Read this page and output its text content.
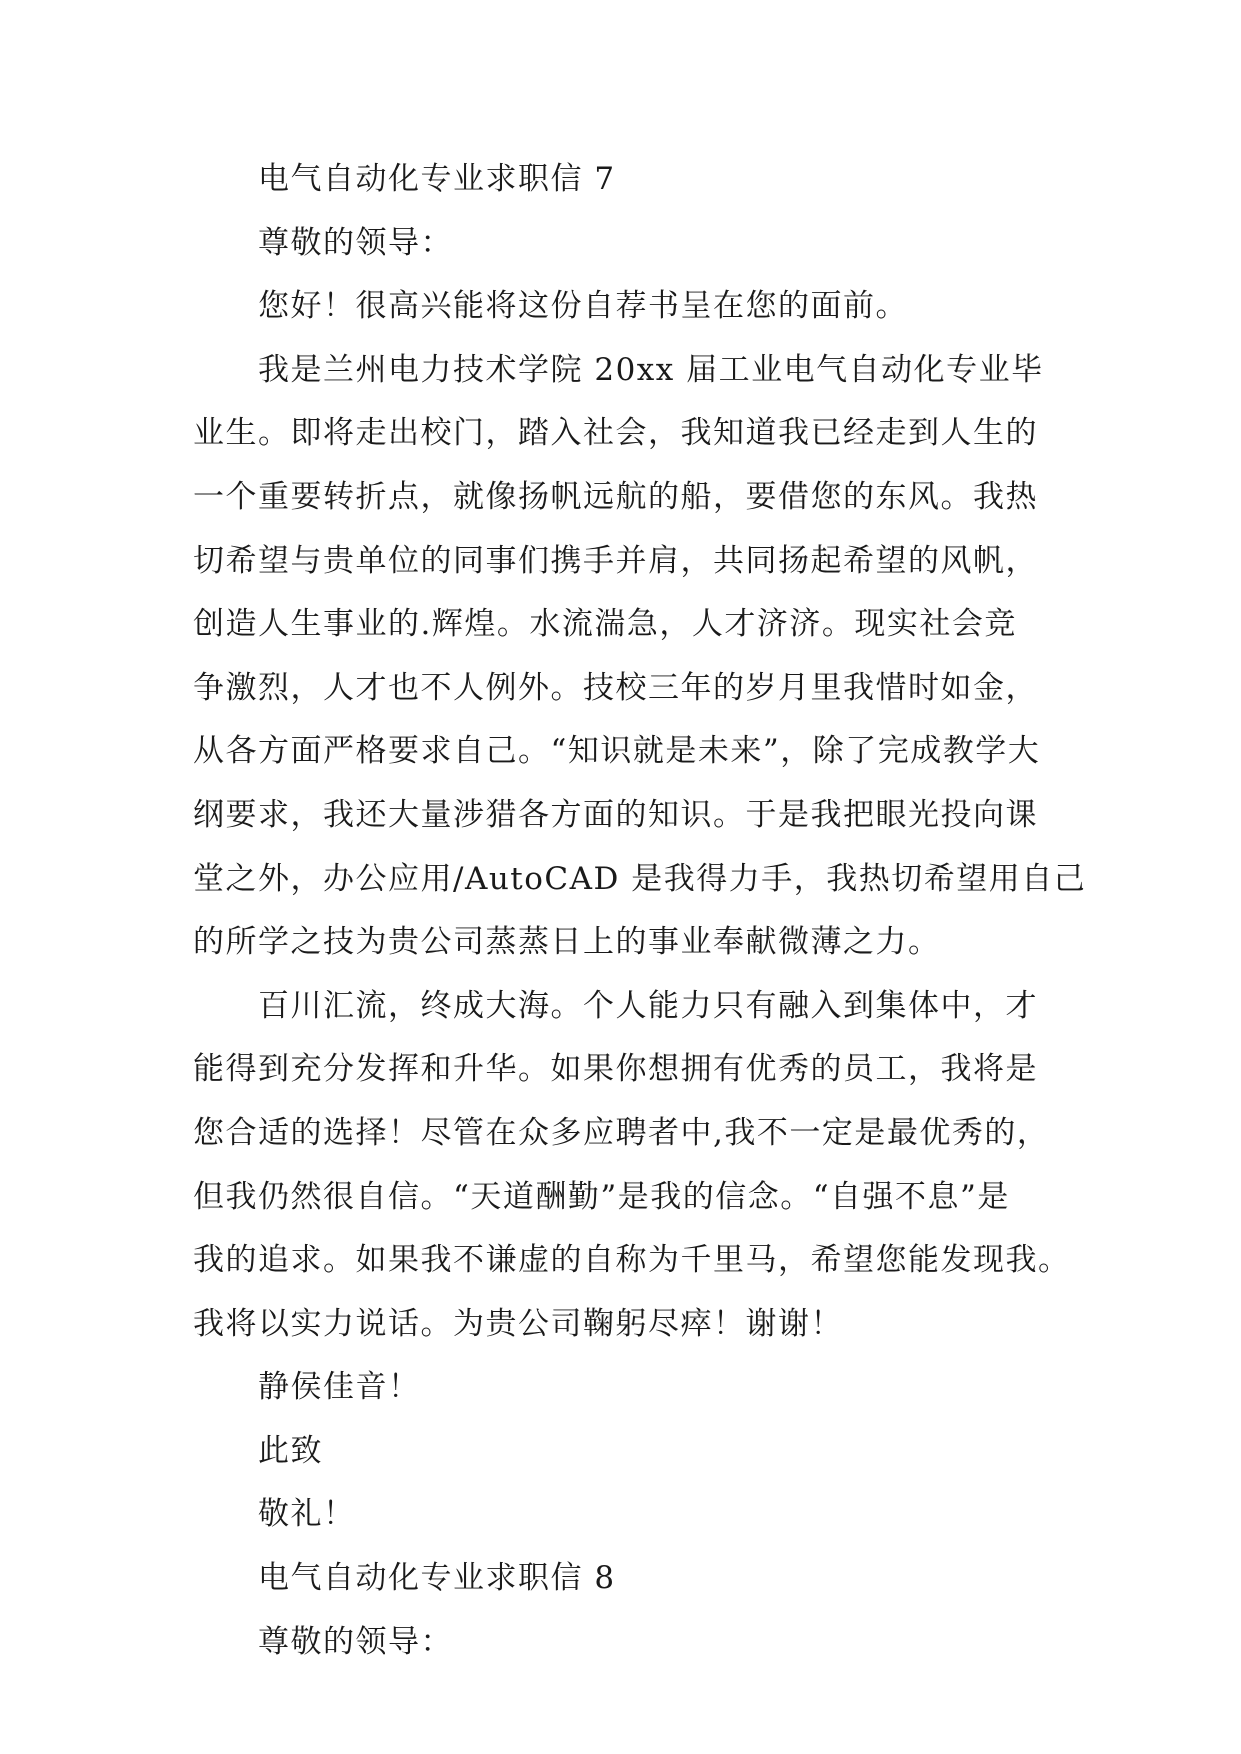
电气自动化专业求职信 7

尊敬的领导：

您好！很高兴能将这份自荐书呈在您的面前。

我是兰州电力技术学院 20xx 届工业电气自动化专业毕

业生。即将走出校门，踏入社会，我知道我已经走到人生的

一个重要转折点，就像扬帆远航的船，要借您的东风。我热

切希望与贵单位的同事们携手并肩，共同扬起希望的风帆，

创造人生事业的.辉煌。水流湍急，人才济济。现实社会竞

争激烈，人才也不人例外。技校三年的岁月里我惜时如金，

从各方面严格要求自己。“知识就是未来”，除了完成教学大

纲要求，我还大量涉猎各方面的知识。于是我把眼光投向课

堂之外，办公应用/AutoCAD 是我得力手，我热切希望用自己

的所学之技为贵公司蒸蒸日上的事业奉献微薄之力。

百川汇流，终成大海。个人能力只有融入到集体中，才

能得到充分发挥和升华。如果你想拥有优秀的员工，我将是

您合适的选择！尽管在众多应聘者中,我不一定是最优秀的，

但我仍然很自信。“天道酬勤”是我的信念。“自强不息”是

我的追求。如果我不谦虚的自称为千里马，希望您能发现我。

我将以实力说话。为贵公司鞠躬尽瘁！谢谢！

静侯佳音！

此致

敬礼！

电气自动化专业求职信 8

尊敬的领导：
